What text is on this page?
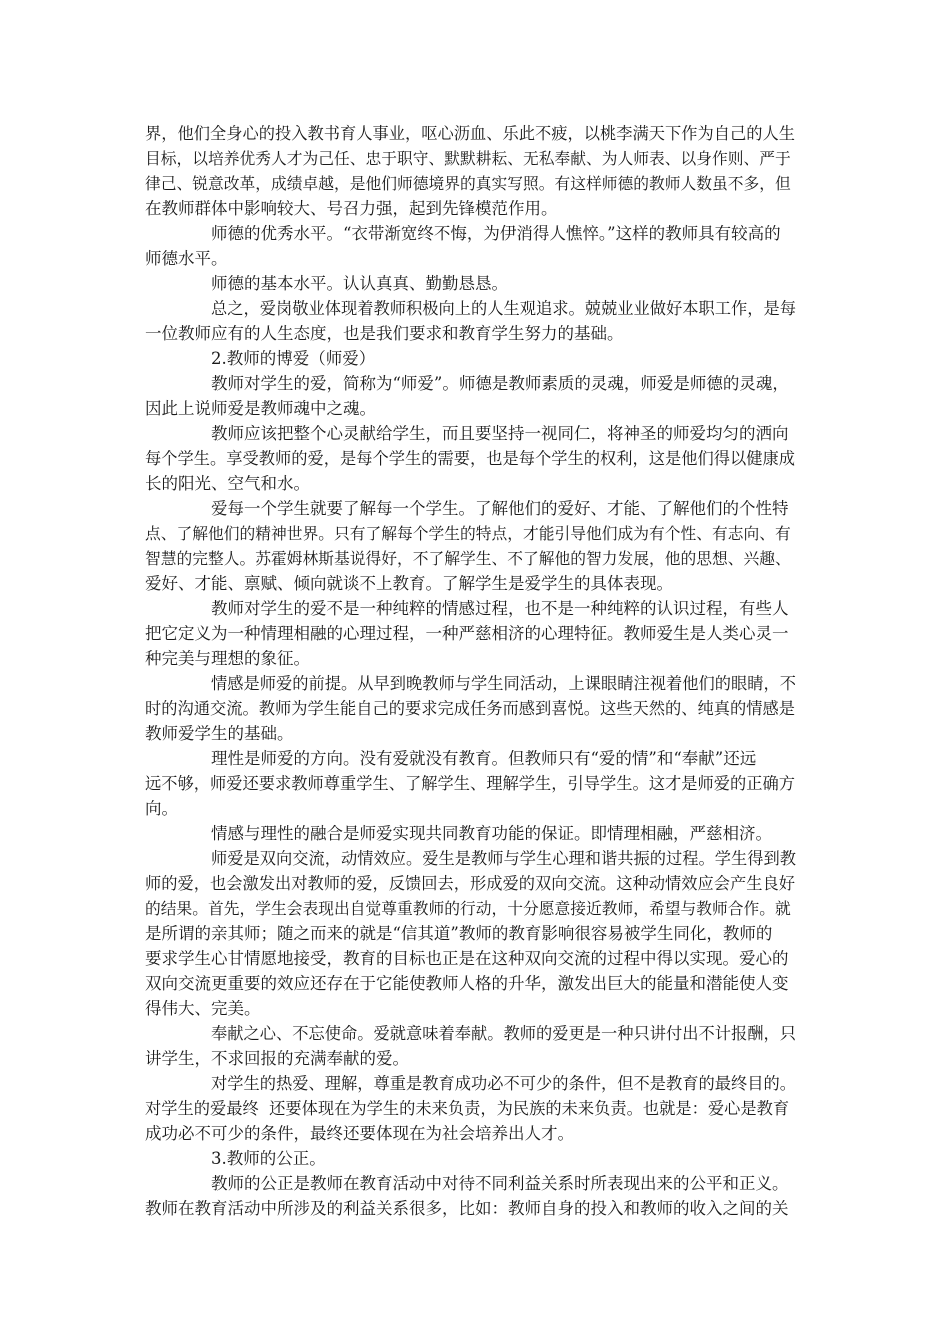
界，他们全身心的投入教书育人事业，呕心沥血、乐此不疲，以桃李满天下作为自己的人生
目标，以培养优秀人才为己任、忠于职守、默默耕耘、无私奉献、为人师表、以身作则、严于
律己、锐意改革，成绩卓越，是他们师德境界的真实写照。有这样师德的教师人数虽不多，但
在教师群体中影响较大、号召力强，起到先锋模范作用。
师德的优秀水平。“衣带渐宽终不悔，为伊消得人憔悴。”这样的教师具有较高的
师德水平。
师德的基本水平。认认真真、勤勤恳恳。
总之，爱岗敬业体现着教师积极向上的人生观追求。兢兢业业做好本职工作，是每
一位教师应有的人生态度，也是我们要求和教育学生努力的基础。
2.教师的博爱（师爱）
教师对学生的爱，简称为“师爱”。师德是教师素质的灵魂，师爱是师德的灵魂，
因此上说师爱是教师魂中之魂。
教师应该把整个心灵献给学生，而且要坚持一视同仁，将神圣的师爱均匀的洒向
每个学生。享受教师的爱，是每个学生的需要，也是每个学生的权利，这是他们得以健康成
长的阳光、空气和水。
爱每一个学生就要了解每一个学生。了解他们的爱好、才能、了解他们的个性特
点、了解他们的精神世界。只有了解每个学生的特点，才能引导他们成为有个性、有志向、有
智慧的完整人。苏霍姆林斯基说得好，不了解学生、不了解他的智力发展，他的思想、兴趣、
爱好、才能、禀赋、倾向就谈不上教育。了解学生是爱学生的具体表现。
教师对学生的爱不是一种纯粹的情感过程，也不是一种纯粹的认识过程，有些人
把它定义为一种情理相融的心理过程，一种严慈相济的心理特征。教师爱生是人类心灵一
种完美与理想的象征。
情感是师爱的前提。从早到晚教师与学生同活动，上课眼睛注视着他们的眼睛，不
时的沟通交流。教师为学生能自己的要求完成任务而感到喜悦。这些天然的、纯真的情感是
教师爱学生的基础。
理性是师爱的方向。没有爱就没有教育。但教师只有“爱的情”和“奉献”还远
远不够，师爱还要求教师尊重学生、了解学生、理解学生，引导学生。这才是师爱的正确方
向。
情感与理性的融合是师爱实现共同教育功能的保证。即情理相融，严慈相济。
师爱是双向交流，动情效应。爱生是教师与学生心理和谐共振的过程。学生得到教
师的爱，也会激发出对教师的爱，反馈回去，形成爱的双向交流。这种动情效应会产生良好
的结果。首先，学生会表现出自觉尊重教师的行动，十分愿意接近教师，希望与教师合作。就
是所谓的亲其师；随之而来的就是“信其道”教师的教育影响很容易被学生同化，教师的
要求学生心甘情愿地接受，教育的目标也正是在这种双向交流的过程中得以实现。爱心的
双向交流更重要的效应还存在于它能使教师人格的升华，激发出巨大的能量和潜能使人变
得伟大、完美。
奉献之心、不忘使命。爱就意味着奉献。教师的爱更是一种只讲付出不计报酬，只
讲学生，不求回报的充满奉献的爱。
对学生的热爱、理解，尊重是教育成功必不可少的条件，但不是教育的最终目的。
对学生的爱最终  还要体现在为学生的未来负责，为民族的未来负责。也就是：爱心是教育
成功必不可少的条件，最终还要体现在为社会培养出人才。
3.教师的公正。
教师的公正是教师在教育活动中对待不同利益关系时所表现出来的公平和正义。
教师在教育活动中所涉及的利益关系很多，比如：教师自身的投入和教师的收入之间的关
